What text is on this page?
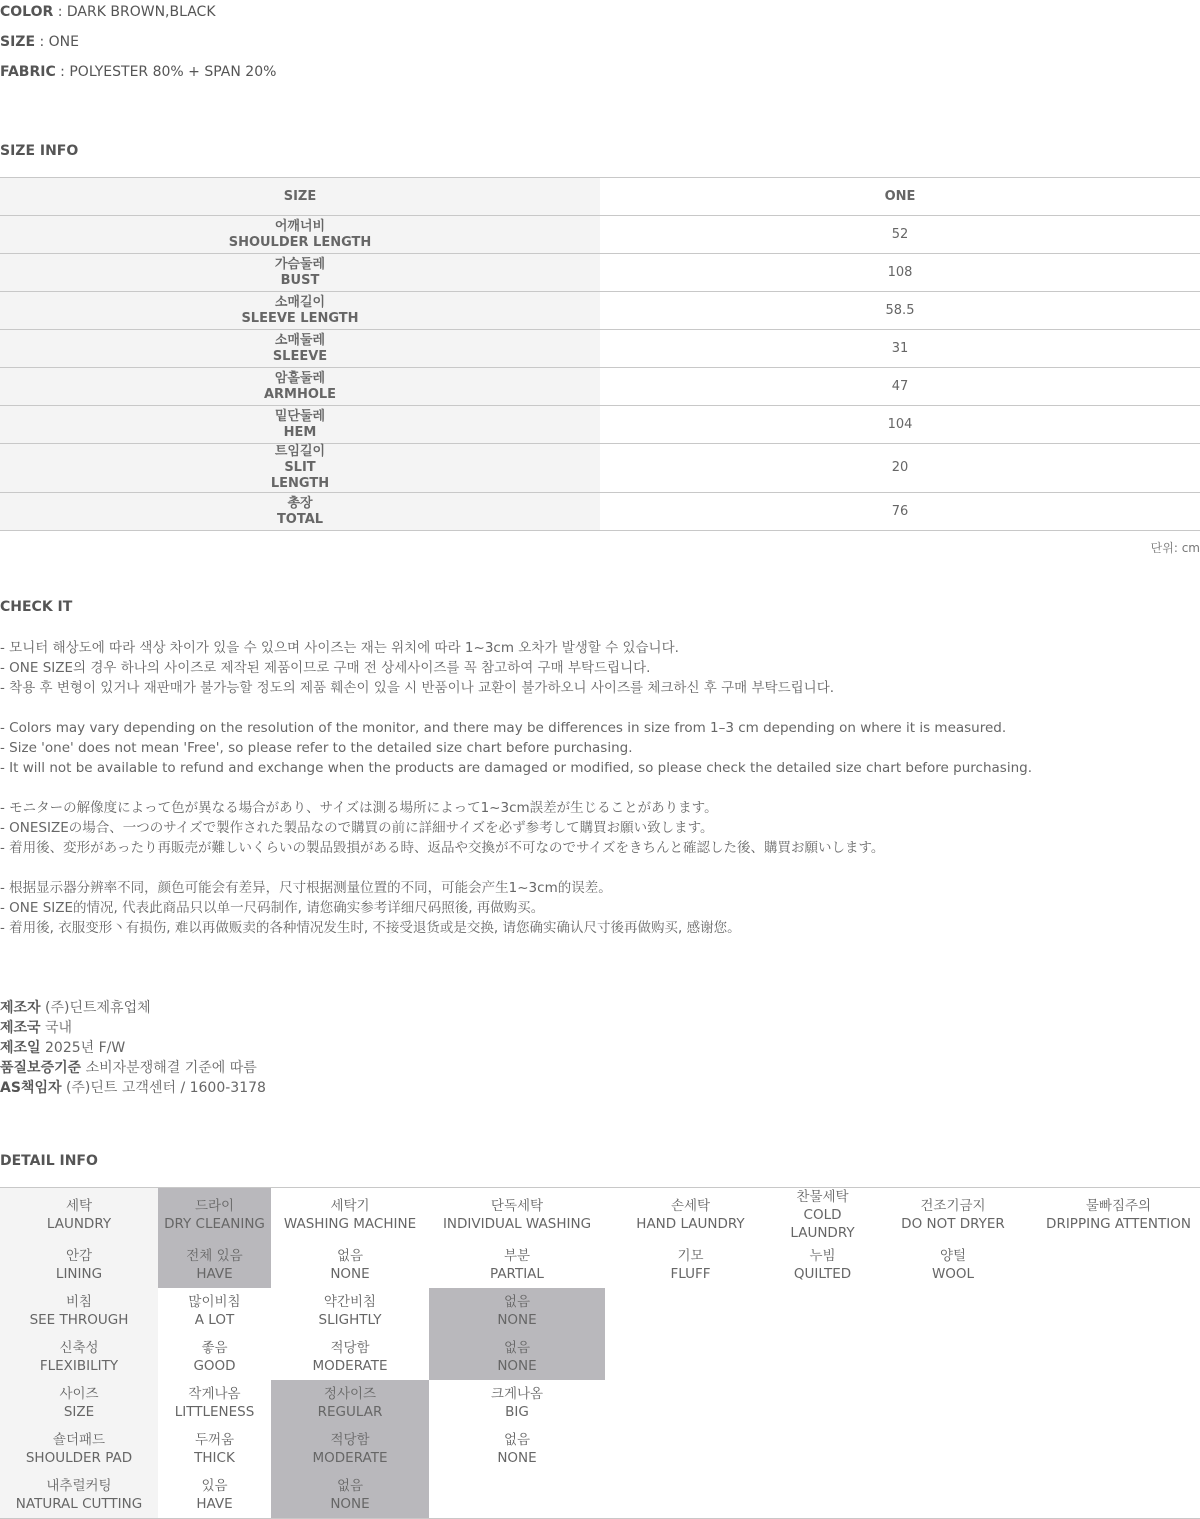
COLOR : DARK BROWN,BLACK
SIZE : ONE
FABRIC : POLYESTER 80% + SPAN 20%
SIZE INFO
SIZE	ONE

어깨너비
SHOULDER LENGTH	52

가슴둘레
BUST	108

소매길이
SLEEVE LENGTH	58.5

소매둘레
SLEEVE	31

암홀둘레
ARMHOLE	47

밑단둘레
HEM	104

트임길이
SLIT
LENGTH	20

총장
TOTAL	76
단위: cm
CHECK IT
- 모니터 해상도에 따라 색상 차이가 있을 수 있으며 사이즈는 재는 위치에 따라 1~3cm 오차가 발생할 수 있습니다.
- ONE SIZE의 경우 하나의 사이즈로 제작된 제품이므로 구매 전 상세사이즈를 꼭 참고하여 구매 부탁드립니다.
- 착용 후 변형이 있거나 재판매가 불가능할 정도의 제품 훼손이 있을 시 반품이나 교환이 불가하오니 사이즈를 체크하신 후 구매 부탁드립니다.
- Colors may vary depending on the resolution of the monitor, and there may be differences in size from 1–3 cm depending on where it is measured.
- Size 'one' does not mean 'Free', so please refer to the detailed size chart before purchasing.
- It will not be available to refund and exchange when the products are damaged or modified, so please check the detailed size chart before purchasing.
- モニターの解像度によって色が異なる場合があり、サイズは測る場所によって1~3cm誤差が生じることがあります。
- ONESIZEの場合、一つのサイズで製作された製品なので購買の前に詳細サイズを必ず参考して購買お願い致します。
- 着用後、変形があったり再販売が難しいくらいの製品毀損がある時、返品や交換が不可なのでサイズをきちんと確認した後、購買お願いします。
- 根据显示器分辨率不同，颜色可能会有差异，尺寸根据测量位置的不同，可能会产生1~3cm的误差。
- ONE SIZE的情况, 代表此商品只以单一尺码制作, 请您确实参考详细尺码照後, 再做购买。
- 着用後, 衣服变形丶有损伤, 难以再做贩卖的各种情况发生时, 不接受退货或是交换, 请您确实确认尺寸後再做购买, 感谢您。
제조자 (주)딘트제휴업체
제조국 국내
제조일 2025년 F/W
품질보증기준 소비자분쟁해결 기준에 따름
AS책임자 (주)딘트 고객센터 / 1600-3178
DETAIL INFO
세탁
LAUNDRY	드라이
DRY CLEANING	세탁기
WASHING MACHINE	단독세탁
INDIVIDUAL WASHING	손세탁
HAND LAUNDRY	찬물세탁
COLD LAUNDRY	건조기금지
DO NOT DRYER	물빠짐주의
DRIPPING ATTENTION

안감
LINING	전체 있음
HAVE	없음
NONE	부분
PARTIAL	기모
FLUFF	누빔
QUILTED	양털
WOOL	

비침
SEE THROUGH	많이비침
A LOT	약간비침
SLIGHTLY	없음
NONE				

신축성
FLEXIBILITY	좋음
GOOD	적당함
MODERATE	없음
NONE				

사이즈
SIZE	작게나옴
LITTLENESS	정사이즈
REGULAR	크게나옴
BIG				

숄더패드
SHOULDER PAD	두꺼움
THICK	적당함
MODERATE	없음
NONE				

내추럴커팅
NATURAL CUTTING	있음
HAVE	없음
NONE					
